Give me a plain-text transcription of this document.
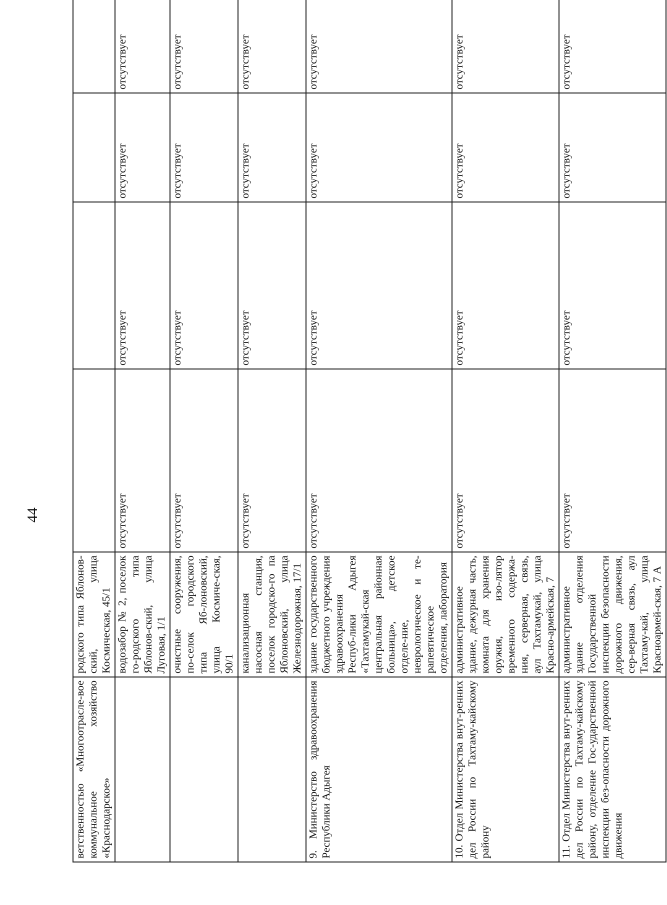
44
ветственностью «Многоотрасле-вое коммунальное хозяйство «Краснодарское»	родского типа Яблонов-ский, улица Космическая, 45/1				
	водозабор № 2, поселок го-родского типа Яблонов-ский, улица Луговая, 1/1	отсутствует	отсутствует	отсутствует	отсутствует
	очистные сооружения, по-селок городского типа Яб-лоновский, улица Космиче-ская, 90/1	отсутствует	отсутствует	отсутствует	отсутствует
	канализационная насосная станция, поселок городско-го па Яблоновский, улица Железнодорожная, 17/1	отсутствует	отсутствует	отсутствует	отсутствует
9. Министерство здравоохранения Республики Адыгея	здание государственного бюджетного учреждения здравоохранения Респуб-лики Адыгея «Тахтамукай-ская центральная районная больница», детское отделе-ние, неврологическое и те-рапевтическое отделения, лаборатория	отсутствует	отсутствует	отсутствует	отсутствует
10. Отдел Министерства внут-ренних дел России по Тахтаму-кайскому району	административное здание, дежурная часть, комната для хранения оружия, изо-лятор временного содержа-ния, серверная, связь, аул Тахтамукай, улица Красно-армейская, 7	отсутствует	отсутствует	отсутствует	отсутствует
11. Отдел Министерства внут-ренних дел России по Тахтаму-кайскому району, отделение Гос-ударственной инспекции без-опасности дорожного движения	административное здание отделения Государственной инспекции безопасности дорожного движения, сер-верная связь, аул Тахтаму-кай, улица Красноармей-ская, 7 А	отсутствует	отсутствует	отсутствует	отсутствует
